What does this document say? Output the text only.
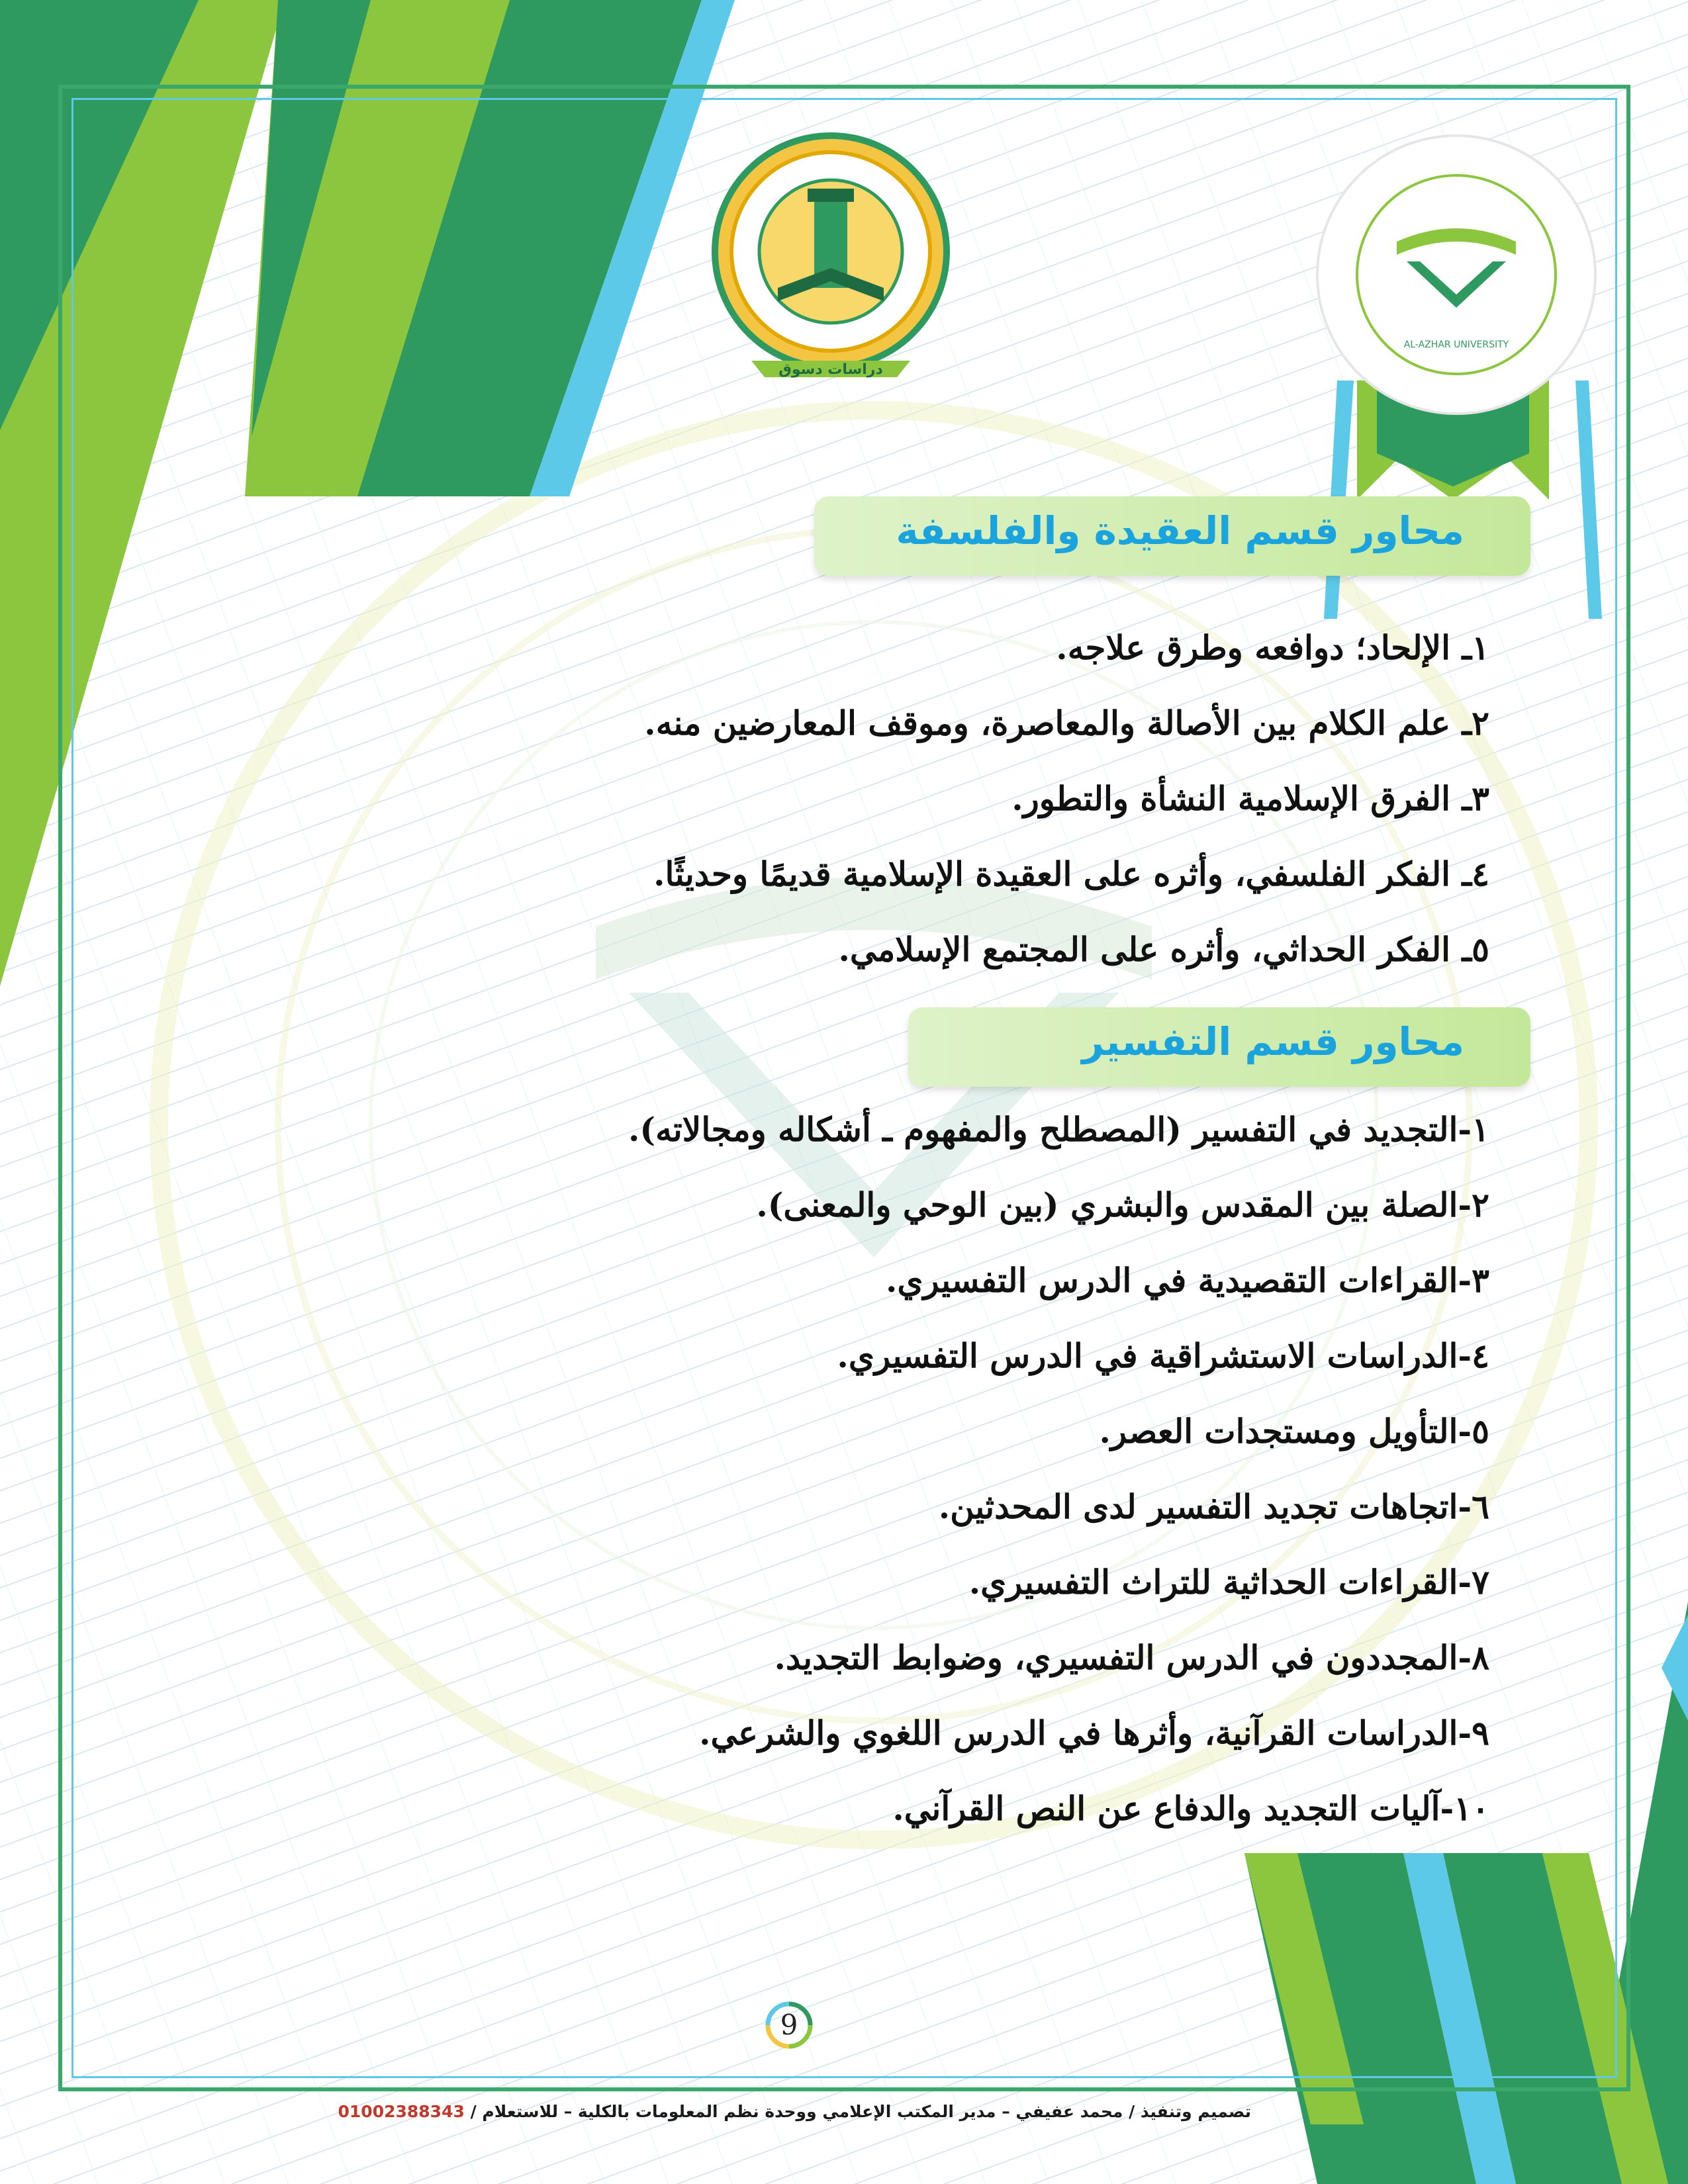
دراسات دسوق
AL-AZHAR UNIVERSITY
محاور قسم العقيدة والفلسفة
١ـ الإلحاد؛ دوافعه وطرق علاجه.
٢ـ علم الكلام بين الأصالة والمعاصرة، وموقف المعارضين منه.
٣ـ الفرق الإسلامية النشأة والتطور.
٤ـ الفكر الفلسفي، وأثره على العقيدة الإسلامية قديمًا وحديثًا.
٥ـ الفكر الحداثي، وأثره على المجتمع الإسلامي.
محاور قسم التفسير
١-التجديد في التفسير (المصطلح والمفهوم ـ أشكاله ومجالاته).
٢-الصلة بين المقدس والبشري (بين الوحي والمعنى).
٣-القراءات التقصيدية في الدرس التفسيري.
٤-الدراسات الاستشراقية في الدرس التفسيري.
٥-التأويل ومستجدات العصر.
٦-اتجاهات تجديد التفسير لدى المحدثين.
٧-القراءات الحداثية للتراث التفسيري.
٨-المجددون في الدرس التفسيري، وضوابط التجديد.
٩-الدراسات القرآنية، وأثرها في الدرس اللغوي والشرعي.
١٠-آليات التجديد والدفاع عن النص القرآني.
9
تصميم وتنفيذ / محمد عفيفي – مدير المكتب الإعلامي ووحدة نظم المعلومات بالكلية – للاستعلام / 01002388343
